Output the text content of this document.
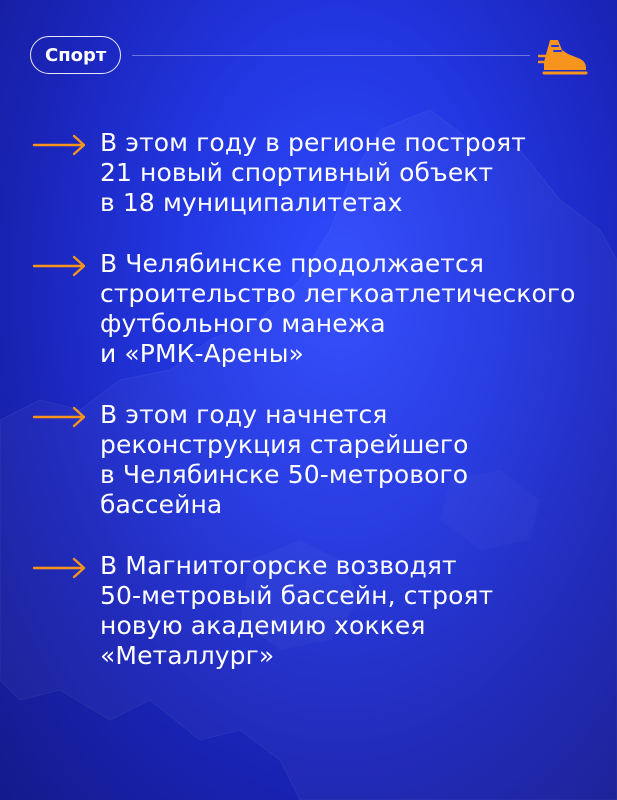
Спорт
В этом году в регионе построят
21 новый спортивный объект
в 18 муниципалитетах
В Челябинске продолжается
строительство легкоатлетического
футбольного манежа
и «РМК-Арены»
В этом году начнется
реконструкция старейшего
в Челябинске 50-метрового
бассейна
В Магнитогорске возводят
50-метровый бассейн, строят
новую академию хоккея
«Металлург»
